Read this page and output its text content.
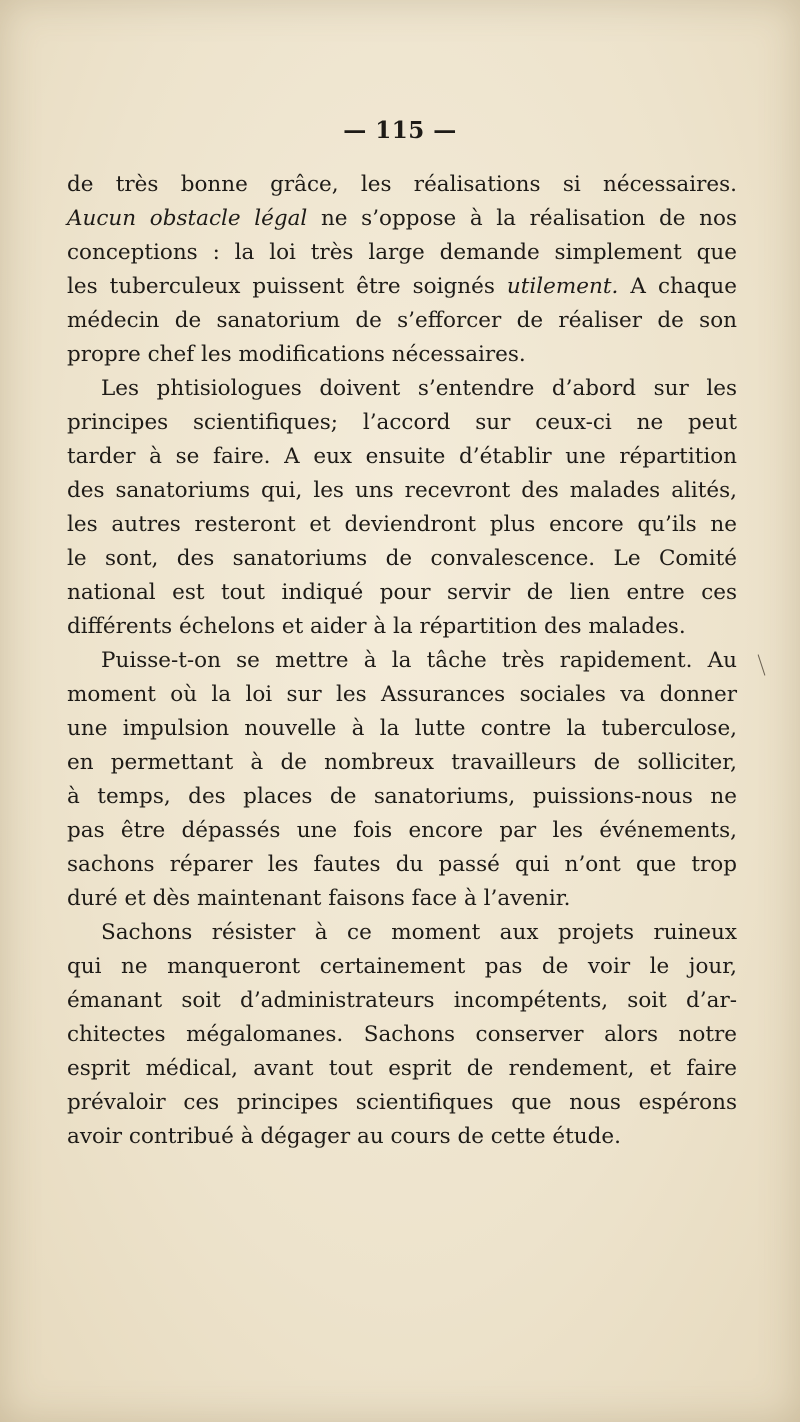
— 115 —
de très bonne grâce, les réalisations si nécessaires.
Aucun obstacle légal ne s’oppose à la réalisation de nos
conceptions : la loi très large demande simplement que
les tuberculeux puissent être soignés utilement. A chaque
médecin de sanatorium de s’efforcer de réaliser de son
propre chef les modifications nécessaires.
Les phtisiologues doivent s’entendre d’abord sur les
principes scientifiques; l’accord sur ceux-ci ne peut
tarder à se faire. A eux ensuite d’établir une répartition
des sanatoriums qui, les uns recevront des malades alités,
les autres resteront et deviendront plus encore qu’ils ne
le sont, des sanatoriums de convalescence. Le Comité
national est tout indiqué pour servir de lien entre ces
différents échelons et aider à la répartition des malades.
Puisse-t-on se mettre à la tâche très rapidement. Au
moment où la loi sur les Assurances sociales va donner
une impulsion nouvelle à la lutte contre la tuberculose,
en permettant à de nombreux travailleurs de solliciter,
à temps, des places de sanatoriums, puissions-nous ne
pas être dépassés une fois encore par les événements,
sachons réparer les fautes du passé qui n’ont que trop
duré et dès maintenant faisons face à l’avenir.
Sachons résister à ce moment aux projets ruineux
qui ne manqueront certainement pas de voir le jour,
émanant soit d’administrateurs incompétents, soit d’ar-
chitectes mégalomanes. Sachons conserver alors notre
esprit médical, avant tout esprit de rendement, et faire
prévaloir ces principes scientifiques que nous espérons
avoir contribué à dégager au cours de cette étude.
